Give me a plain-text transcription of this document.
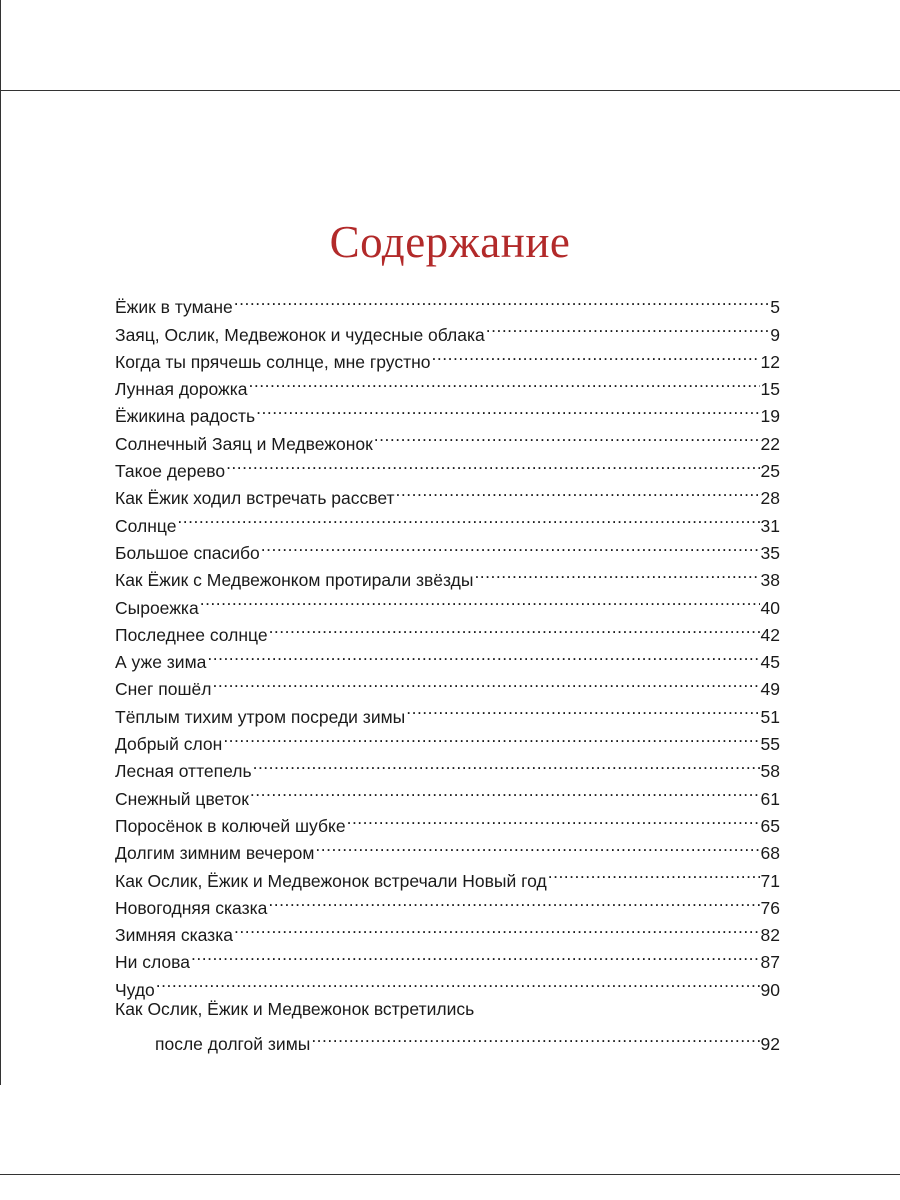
Содержание
Ёжик в тумане .....	5
Заяц, Ослик, Медвежонок и чудесные облака .....	9
Когда ты прячешь солнце, мне грустно .....	12
Лунная дорожка .....	15
Ёжикина радость .....	19
Солнечный Заяц и Медвежонок .....	22
Такое дерево .....	25
Как Ёжик ходил встречать рассвет .....	28
Солнце .....	31
Большое спасибо .....	35
Как Ёжик с Медвежонком протирали звёзды .....	38
Сыроежка .....	40
Последнее солнце .....	42
А уже зима .....	45
Снег пошёл .....	49
Тёплым тихим утром посреди зимы .....	51
Добрый слон .....	55
Лесная оттепель .....	58
Снежный цветок .....	61
Поросёнок в колючей шубке .....	65
Долгим зимним вечером .....	68
Как Ослик, Ёжик и Медвежонок встречали Новый год .....	71
Новогодняя сказка .....	76
Зимняя сказка .....	82
Ни слова .....	87
Чудо .....	90
Как Ослик, Ёжик и Медвежонок встретились
после долгой зимы .....	92
